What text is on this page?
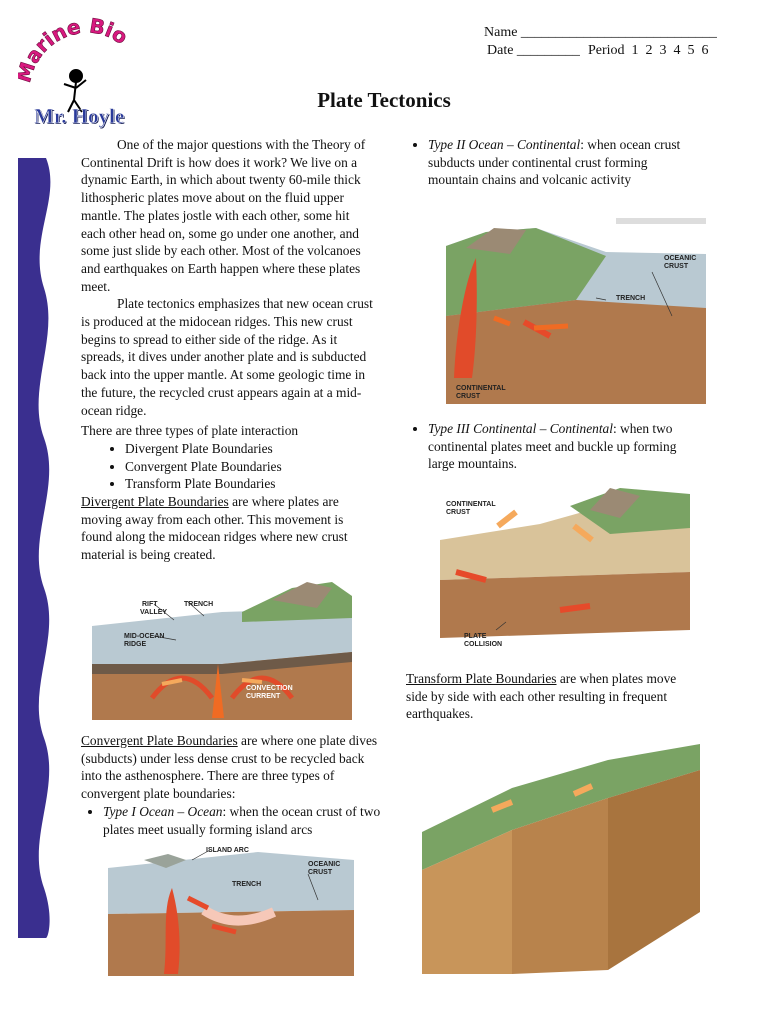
arine Bio
Mr. Hoyle
Name ____________________________
Date _________ Period  1  2  3  4  5  6
Plate Tectonics

One of the major questions with the Theory of Continental Drift is how does it work? We live on a dynamic Earth, in which about twenty 60-mile thick lithospheric plates move about on the fluid upper mantle. The plates jostle with each other, some hit each other head on, some go under one another, and some just slide by each other. Most of the volcanoes and earthquakes on Earth happen where these plates meet.

Plate tectonics emphasizes that new ocean crust is produced at the midocean ridges. This new crust begins to spread to either side of the ridge. As it spreads, it dives under another plate and is subducted back into the upper mantle. At some geologic time in the future, the recycled crust appears again at a mid-ocean ridge.

There are three types of plate interaction

• Divergent Plate Boundaries
• Convergent Plate Boundaries
• Transform Plate Boundaries

Divergent Plate Boundaries are where plates are moving away from each other. This movement is found along the midocean ridges where new crust material is being created.

Convergent Plate Boundaries are where one plate dives (subducts) under less dense crust to be recycled back into the asthenosphere. There are three types of convergent plate boundaries:

• Type I Ocean – Ocean: when the ocean crust of two plates meet usually forming island arcs
• Type II Ocean – Continental: when ocean crust subducts under continental crust forming mountain chains and volcanic activity
• Type III Continental – Continental: when two continental plates meet and buckle up forming large mountains.

Transform Plate Boundaries are when plates move side by side with each other resulting in frequent earthquakes.

RIFT
VALLEY
TRENCH
MID-OCEAN
RIDGE
CONVECTION
CURRENT
ISLAND ARC
OCEANIC
CRUST
TRENCH
OCEANIC
CRUST
TRENCH
CONTINENTAL
CRUST
CONTINENTAL
CRUST
PLATE
COLLISION
